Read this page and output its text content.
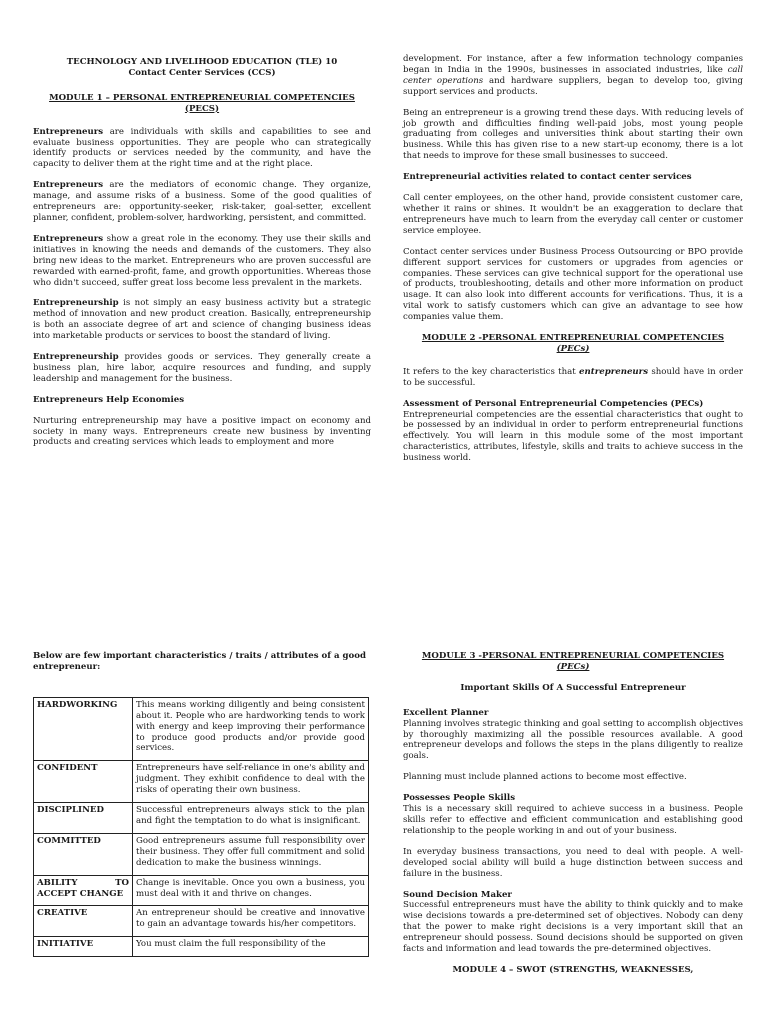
TECHNOLOGY AND LIVELIHOOD EDUCATION (TLE) 10
Contact Center Services (CCS)
MODULE 1 – PERSONAL ENTREPRENEURIAL COMPETENCIES (PECS)

Entrepreneurs are individuals with skills and capabilities to see and evaluate business opportunities. They are people who can strategically identify products or services needed by the community, and have the capacity to deliver them at the right time and at the right place.

Entrepreneurs are the mediators of economic change. They organize, manage, and assume risks of a business. Some of the good qualities of entrepreneurs are: opportunity-seeker, risk-taker, goal-setter, excellent planner, confident, problem-solver, hardworking, persistent, and committed.

Entrepreneurs show a great role in the economy. They use their skills and initiatives in knowing the needs and demands of the customers. They also bring new ideas to the market. Entrepreneurs who are proven successful are rewarded with earned-profit, fame, and growth opportunities. Whereas those who didn't succeed, suffer great loss become less prevalent in the markets.

Entrepreneurship is not simply an easy business activity but a strategic method of innovation and new product creation. Basically, entrepreneurship is both an associate degree of art and science of changing business ideas into marketable products or services to boost the standard of living.

Entrepreneurship provides goods or services. They generally create a business plan, hire labor, acquire resources and funding, and supply leadership and management for the business.

Entrepreneurs Help Economies

Nurturing entrepreneurship may have a positive impact on economy and society in many ways. Entrepreneurs create new business by inventing products and creating services which leads to employment and more

development. For instance, after a few information technology companies began in India in the 1990s, businesses in associated industries, like call center operations and hardware suppliers, began to develop too, giving support services and products.

Being an entrepreneur is a growing trend these days. With reducing levels of job growth and difficulties finding well-paid jobs, most young people graduating from colleges and universities think about starting their own business. While this has given rise to a new start-up economy, there is a lot that needs to improve for these small businesses to succeed.

Entrepreneurial activities related to contact center services

Call center employees, on the other hand, provide consistent customer care, whether it rains or shines. It wouldn't be an exaggeration to declare that entrepreneurs have much to learn from the everyday call center or customer service employee.

Contact center services under Business Process Outsourcing or BPO provide different support services for customers or upgrades from agencies or companies. These services can give technical support for the operational use of products, troubleshooting, details and other more information on product usage. It can also look into different accounts for verifications. Thus, it is a vital work to satisfy customers which can give an advantage to see how companies value them.

MODULE 2 -PERSONAL ENTREPRENEURIAL COMPETENCIES
(PECs)

It refers to the key characteristics that entrepreneurs should have in order to be successful.

Assessment of Personal Entrepreneurial Competencies (PECs)

Entrepreneurial competencies are the essential characteristics that ought to be possessed by an individual in order to perform entrepreneurial functions effectively. You will learn in this module some of the most important characteristics, attributes, lifestyle, skills and traits to achieve success in the business world.

Below are few important characteristics / traits / attributes of a good entrepreneur:
HARDWORKING	This means working diligently and being consistent about it. People who are hardworking tends to work with energy and keep improving their performance to produce good products and/or provide good services.
CONFIDENT	Entrepreneurs have self-reliance in one's ability and judgment. They exhibit confidence to deal with the risks of operating their own business.
DISCIPLINED	Successful entrepreneurs always stick to the plan and fight the temptation to do what is insignificant.
COMMITTED	Good entrepreneurs assume full responsibility over their business. They offer full commitment and solid dedication to make the business winnings.
ABILITY TO ACCEPT CHANGE	Change is inevitable. Once you own a business, you must deal with it and thrive on changes.
CREATIVE	An entrepreneur should be creative and innovative to gain an advantage towards his/her competitors.
INITIATIVE	You must claim the full responsibility of the
MODULE 3 -PERSONAL ENTREPRENEURIAL COMPETENCIES
(PECs)
Important Skills Of A Successful Entrepreneur
Excellent Planner

Planning involves strategic thinking and goal setting to accomplish objectives by thoroughly maximizing all the possible resources available. A good entrepreneur develops and follows the steps in the plans diligently to realize goals.

Planning must include planned actions to become most effective.

Possesses People Skills

This is a necessary skill required to achieve success in a business. People skills refer to effective and efficient communication and establishing good relationship to the people working in and out of your business.

In everyday business transactions, you need to deal with people. A well-developed social ability will build a huge distinction between success and failure in the business.

Sound Decision Maker

Successful entrepreneurs must have the ability to think quickly and to make wise decisions towards a pre-determined set of objectives. Nobody can deny that the power to make right decisions is a very important skill that an entrepreneur should possess. Sound decisions should be supported on given facts and information and lead towards the pre-determined objectives.

MODULE 4 – SWOT (STRENGTHS, WEAKNESSES,
